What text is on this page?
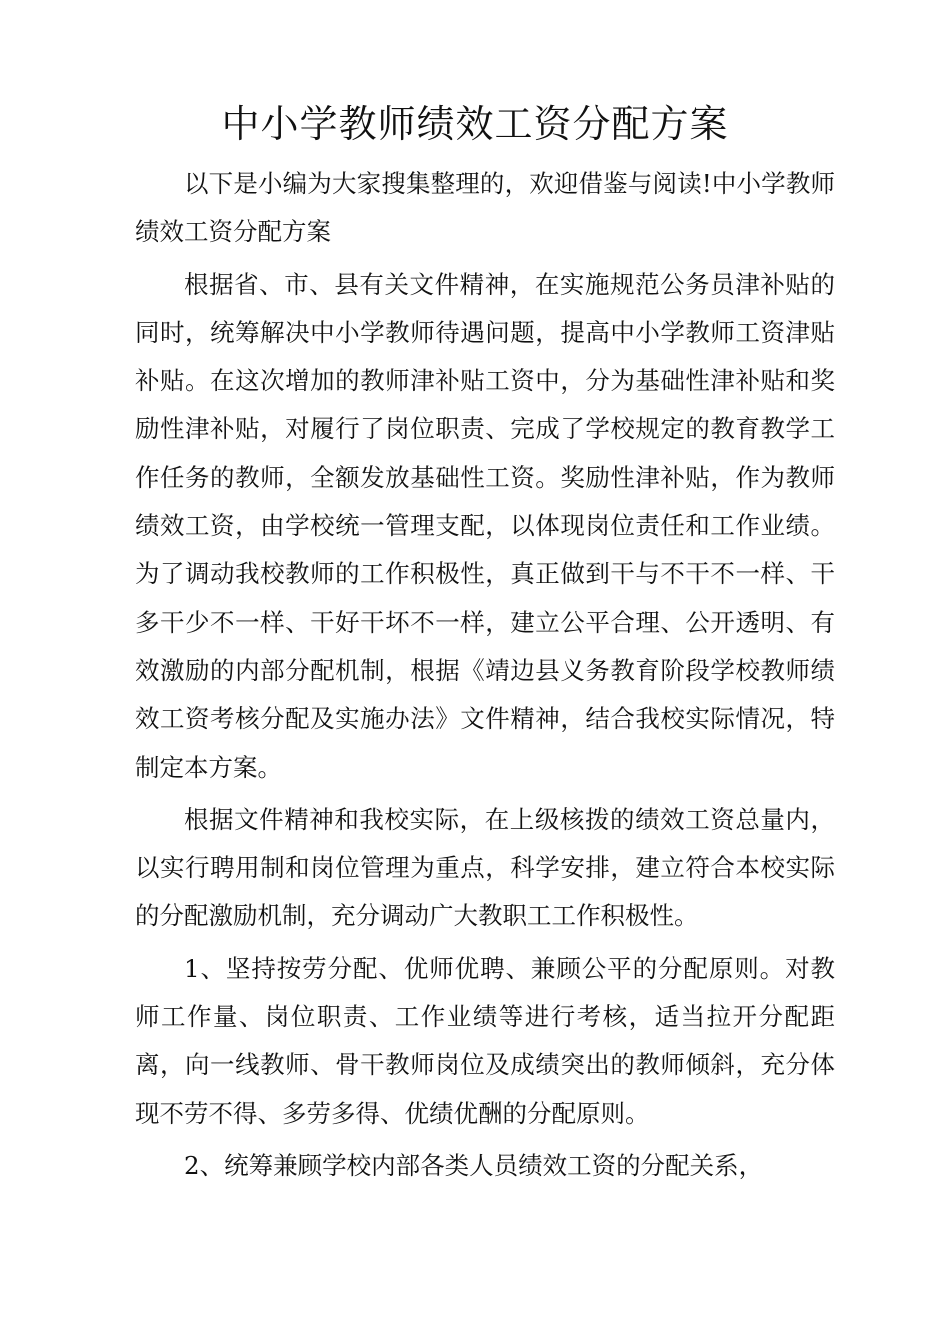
中小学教师绩效工资分配方案

以下是小编为大家搜集整理的，欢迎借鉴与阅读!中小学教师绩效工资分配方案

根据省、市、县有关文件精神，在实施规范公务员津补贴的同时，统筹解决中小学教师待遇问题，提高中小学教师工资津贴补贴。在这次增加的教师津补贴工资中，分为基础性津补贴和奖励性津补贴，对履行了岗位职责、完成了学校规定的教育教学工作任务的教师，全额发放基础性工资。奖励性津补贴，作为教师绩效工资，由学校统一管理支配，以体现岗位责任和工作业绩。为了调动我校教师的工作积极性，真正做到干与不干不一样、干多干少不一样、干好干坏不一样，建立公平合理、公开透明、有效激励的内部分配机制，根据《靖边县义务教育阶段学校教师绩效工资考核分配及实施办法》文件精神，结合我校实际情况，特制定本方案。

根据文件精神和我校实际，在上级核拨的绩效工资总量内，以实行聘用制和岗位管理为重点，科学安排，建立符合本校实际的分配激励机制，充分调动广大教职工工作积极性。

1、坚持按劳分配、优师优聘、兼顾公平的分配原则。对教师工作量、岗位职责、工作业绩等进行考核，适当拉开分配距离，向一线教师、骨干教师岗位及成绩突出的教师倾斜，充分体现不劳不得、多劳多得、优绩优酬的分配原则。

2、统筹兼顾学校内部各类人员绩效工资的分配关系，
